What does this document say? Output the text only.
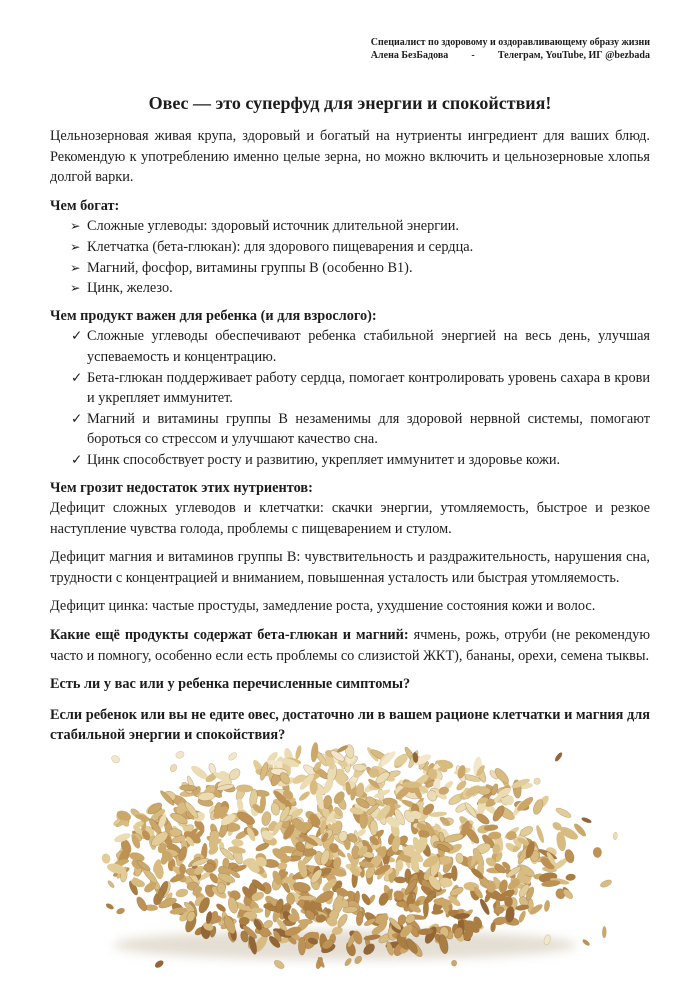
Специалист по здоровому и оздоравливающему образу жизни
Алена БезБадова - Телеграм, YouTube, ИГ @bezbada
Овес — это суперфуд для энергии и спокойствия!

Цельнозерновая живая крупа, здоровый и богатый на нутриенты ингредиент для ваших блюд. Рекомендую к употреблению именно целые зерна, но можно включить и цельнозерновые хлопья долгой варки.

Чем богат:
➢ Сложные углеводы: здоровый источник длительной энергии.
➢ Клетчатка (бета-глюкан): для здорового пищеварения и сердца.
➢ Магний, фосфор, витамины группы В (особенно В1).
➢ Цинк, железо.
Чем продукт важен для ребенка (и для взрослого):
✓ Сложные углеводы обеспечивают ребенка стабильной энергией на весь день, улучшая успеваемость и концентрацию.
✓ Бета-глюкан поддерживает работу сердца, помогает контролировать уровень сахара в крови и укрепляет иммунитет.
✓ Магний и витамины группы В незаменимы для здоровой нервной системы, помогают бороться со стрессом и улучшают качество сна.
✓ Цинк способствует росту и развитию, укрепляет иммунитет и здоровье кожи.
Чем грозит недостаток этих нутриентов:

Дефицит сложных углеводов и клетчатки: скачки энергии, утомляемость, быстрое и резкое наступление чувства голода, проблемы с пищеварением и стулом.

Дефицит магния и витаминов группы В: чувствительность и раздражительность, нарушения сна, трудности с концентрацией и вниманием, повышенная усталость или быстрая утомляемость.

Дефицит цинка: частые простуды, замедление роста, ухудшение состояния кожи и волос.

Какие ещё продукты содержат бета-глюкан и магний: ячмень, рожь, отруби (не рекомендую часто и помногу, особенно если есть проблемы со слизистой ЖКТ), бананы, орехи, семена тыквы.

Есть ли у вас или у ребенка перечисленные симптомы?

Если ребенок или вы не едите овес, достаточно ли в вашем рационе клетчатки и магния для стабильной энергии и спокойствия?
